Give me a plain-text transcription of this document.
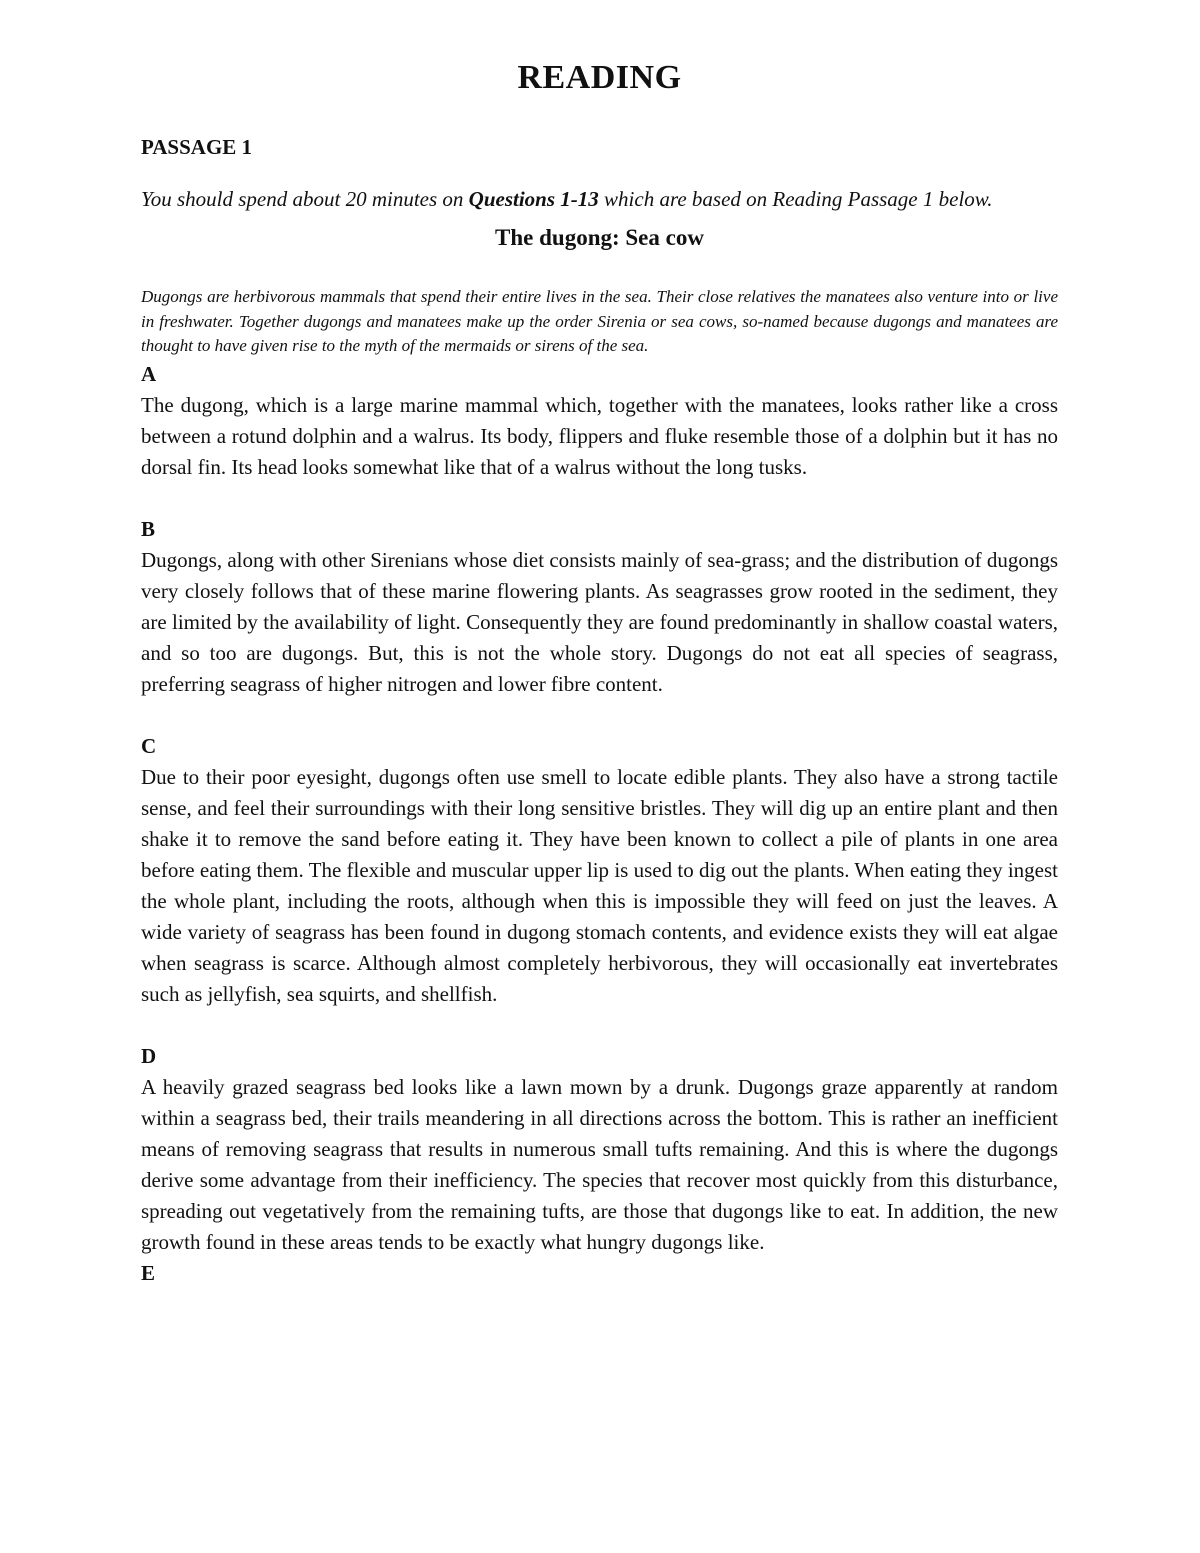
READING

PASSAGE 1

You should spend about 20 minutes on Questions 1-13 which are based on Reading Passage 1 below.

The dugong: Sea cow

Dugongs are herbivorous mammals that spend their entire lives in the sea. Their close relatives the manatees also venture into or live in freshwater. Together dugongs and manatees make up the order Sirenia or sea cows, so-named because dugongs and manatees are thought to have given rise to the myth of the mermaids or sirens of the sea.

A

The dugong, which is a large marine mammal which, together with the manatees, looks rather like a cross between a rotund dolphin and a walrus. Its body, flippers and fluke resemble those of a dolphin but it has no dorsal fin. Its head looks somewhat like that of a walrus without the long tusks.

B

Dugongs, along with other Sirenians whose diet consists mainly of sea-grass; and the distribution of dugongs very closely follows that of these marine flowering plants. As seagrasses grow rooted in the sediment, they are limited by the availability of light. Consequently they are found predominantly in shallow coastal waters, and so too are dugongs. But, this is not the whole story. Dugongs do not eat all species of seagrass, preferring seagrass of higher nitrogen and lower fibre content.

C

Due to their poor eyesight, dugongs often use smell to locate edible plants. They also have a strong tactile sense, and feel their surroundings with their long sensitive bristles. They will dig up an entire plant and then shake it to remove the sand before eating it. They have been known to collect a pile of plants in one area before eating them. The flexible and muscular upper lip is used to dig out the plants. When eating they ingest the whole plant, including the roots, although when this is impossible they will feed on just the leaves. A wide variety of seagrass has been found in dugong stomach contents, and evidence exists they will eat algae when seagrass is scarce. Although almost completely herbivorous, they will occasionally eat invertebrates such as jellyfish, sea squirts, and shellfish.

D

A heavily grazed seagrass bed looks like a lawn mown by a drunk. Dugongs graze apparently at random within a seagrass bed, their trails meandering in all directions across the bottom. This is rather an inefficient means of removing seagrass that results in numerous small tufts remaining. And this is where the dugongs derive some advantage from their inefficiency. The species that recover most quickly from this disturbance, spreading out vegetatively from the remaining tufts, are those that dugongs like to eat. In addition, the new growth found in these areas tends to be exactly what hungry dugongs like.

E
